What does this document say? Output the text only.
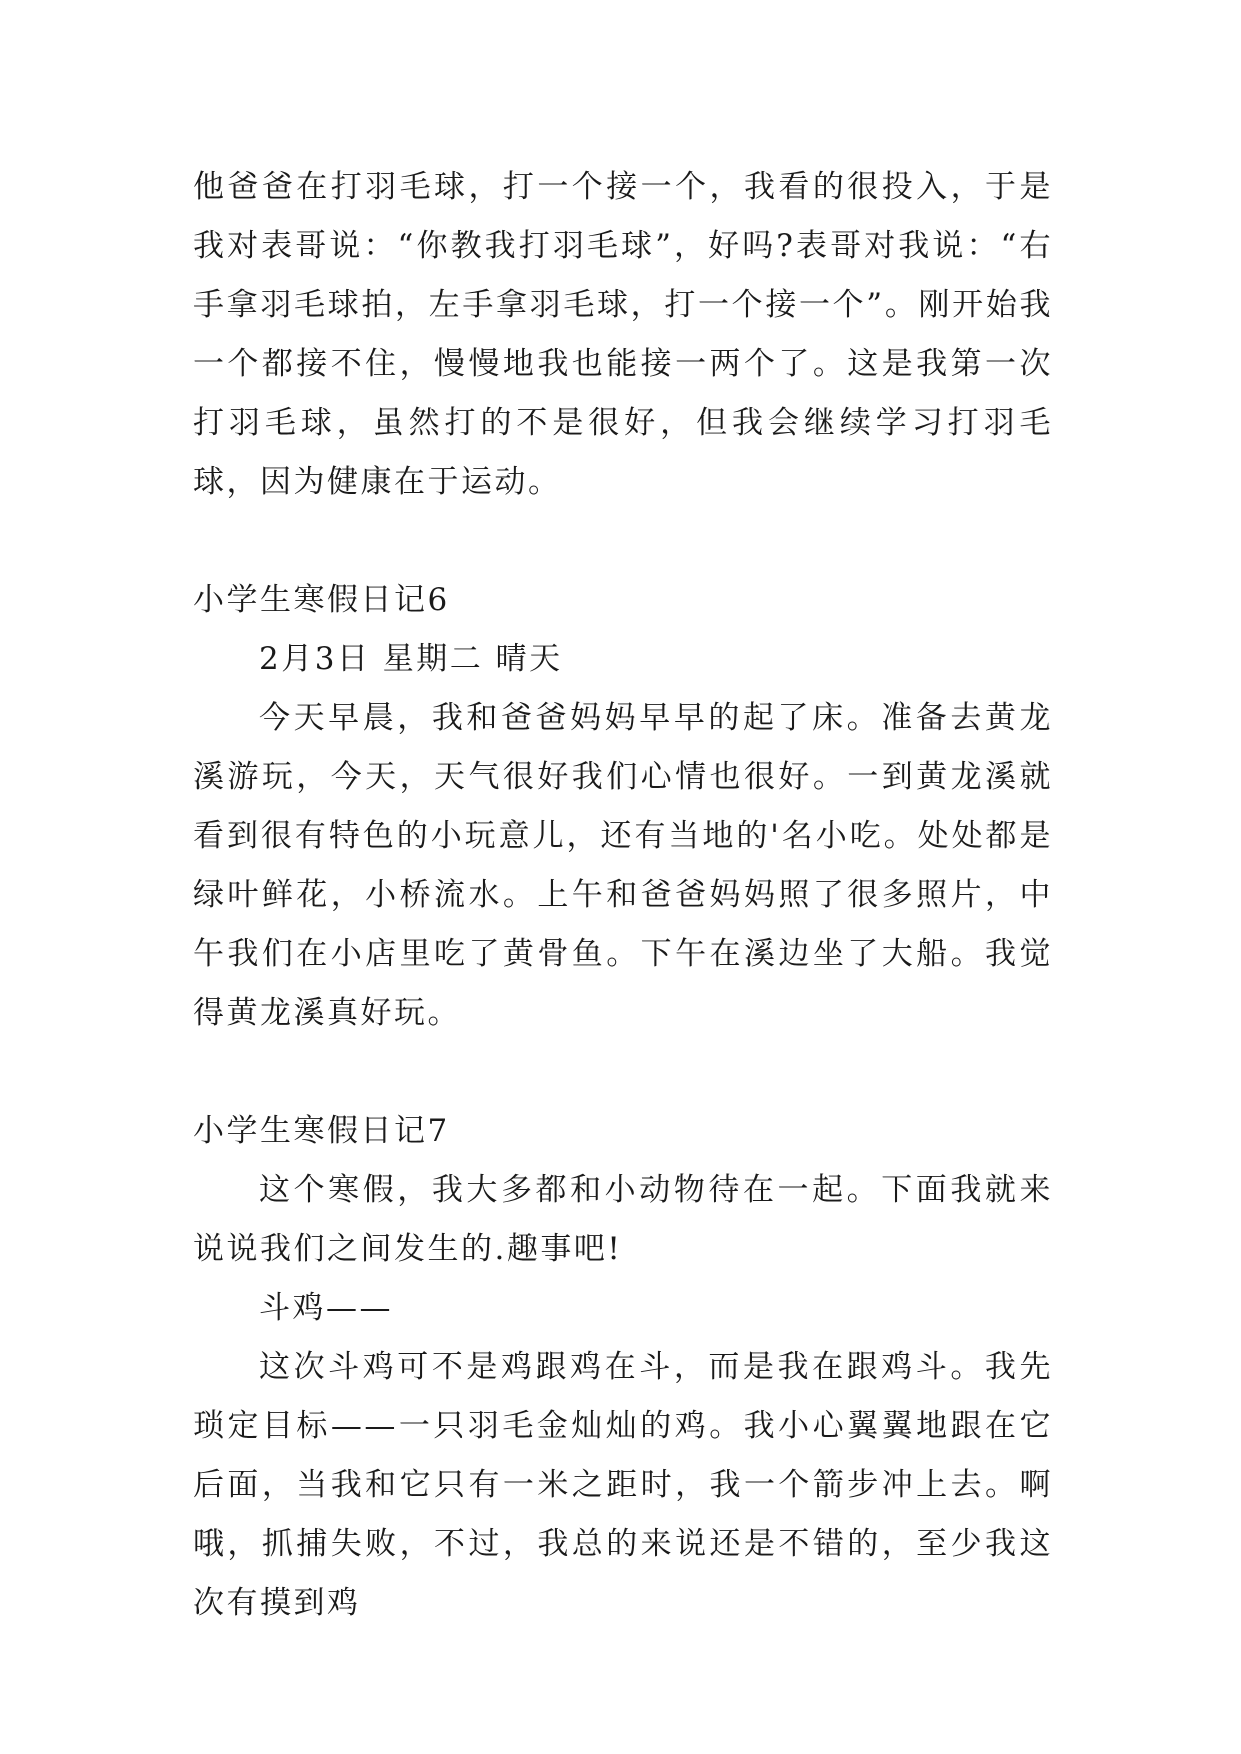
他爸爸在打羽毛球，打一个接一个，我看的很投入，于是我对表哥说：“你教我打羽毛球”，好吗?表哥对我说：“右手拿羽毛球拍，左手拿羽毛球，打一个接一个”。刚开始我一个都接不住，慢慢地我也能接一两个了。这是我第一次打羽毛球，虽然打的不是很好，但我会继续学习打羽毛球，因为健康在于运动。

小学生寒假日记6

2月3日 星期二 晴天

今天早晨，我和爸爸妈妈早早的起了床。准备去黄龙溪游玩，今天，天气很好我们心情也很好。一到黄龙溪就看到很有特色的小玩意儿，还有当地的'名小吃。处处都是绿叶鲜花，小桥流水。上午和爸爸妈妈照了很多照片，中午我们在小店里吃了黄骨鱼。下午在溪边坐了大船。我觉得黄龙溪真好玩。

小学生寒假日记7

这个寒假，我大多都和小动物待在一起。下面我就来说说我们之间发生的.趣事吧!

斗鸡——

这次斗鸡可不是鸡跟鸡在斗，而是我在跟鸡斗。我先琐定目标——一只羽毛金灿灿的鸡。我小心翼翼地跟在它后面，当我和它只有一米之距时，我一个箭步冲上去。啊哦，抓捕失败，不过，我总的来说还是不错的，至少我这次有摸到鸡
